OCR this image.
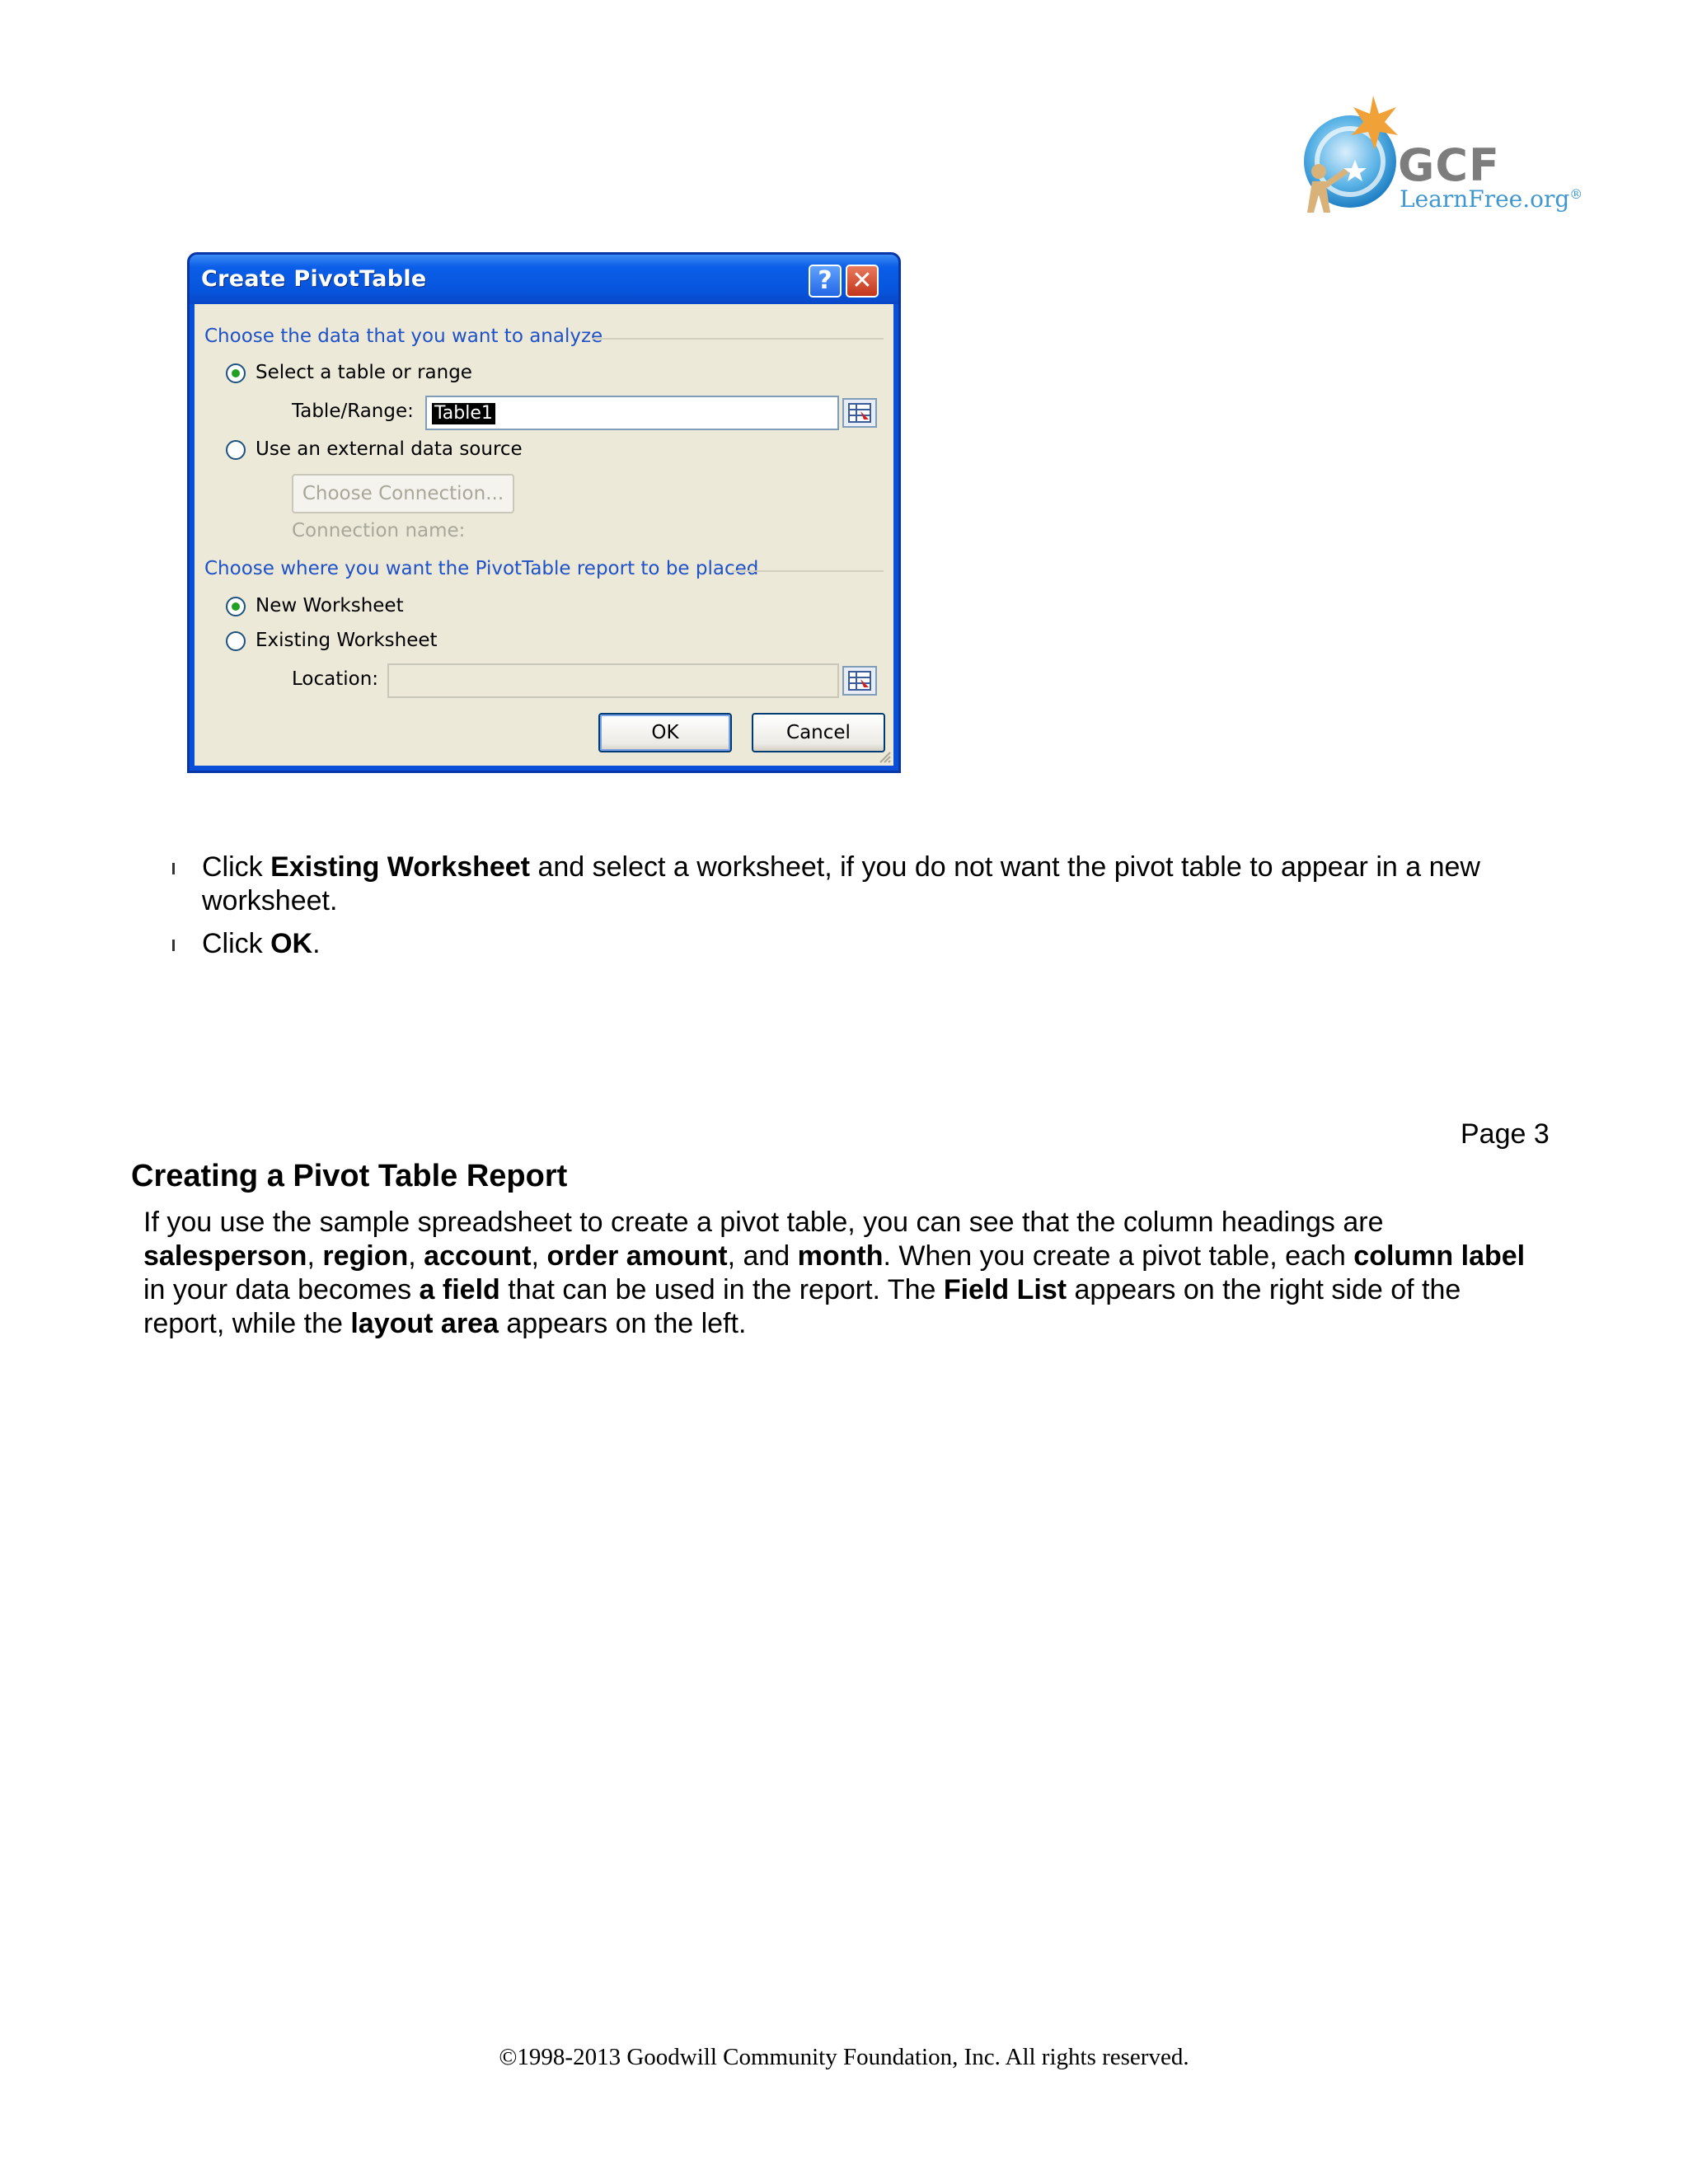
GCF
LearnFree.org®
Create PivotTable	? ✕
Choose the data that you want to analyze
Select a table or range
Table/Range: Table1
Use an external data source
Choose Connection...
Connection name:
Choose where you want the PivotTable report to be placed
New Worksheet
Existing Worksheet
Location:
OK	Cancel
Click Existing Worksheet and select a worksheet, if you do not want the pivot table to appear in a new
worksheet.
Click OK.
Page 3
Creating a Pivot Table Report
If you use the sample spreadsheet to create a pivot table, you can see that the column headings are
salesperson, region, account, order amount, and month. When you create a pivot table, each column label
in your data becomes a field that can be used in the report. The Field List appears on the right side of the
report, while the layout area appears on the left.
©1998-2013 Goodwill Community Foundation, Inc. All rights reserved.
